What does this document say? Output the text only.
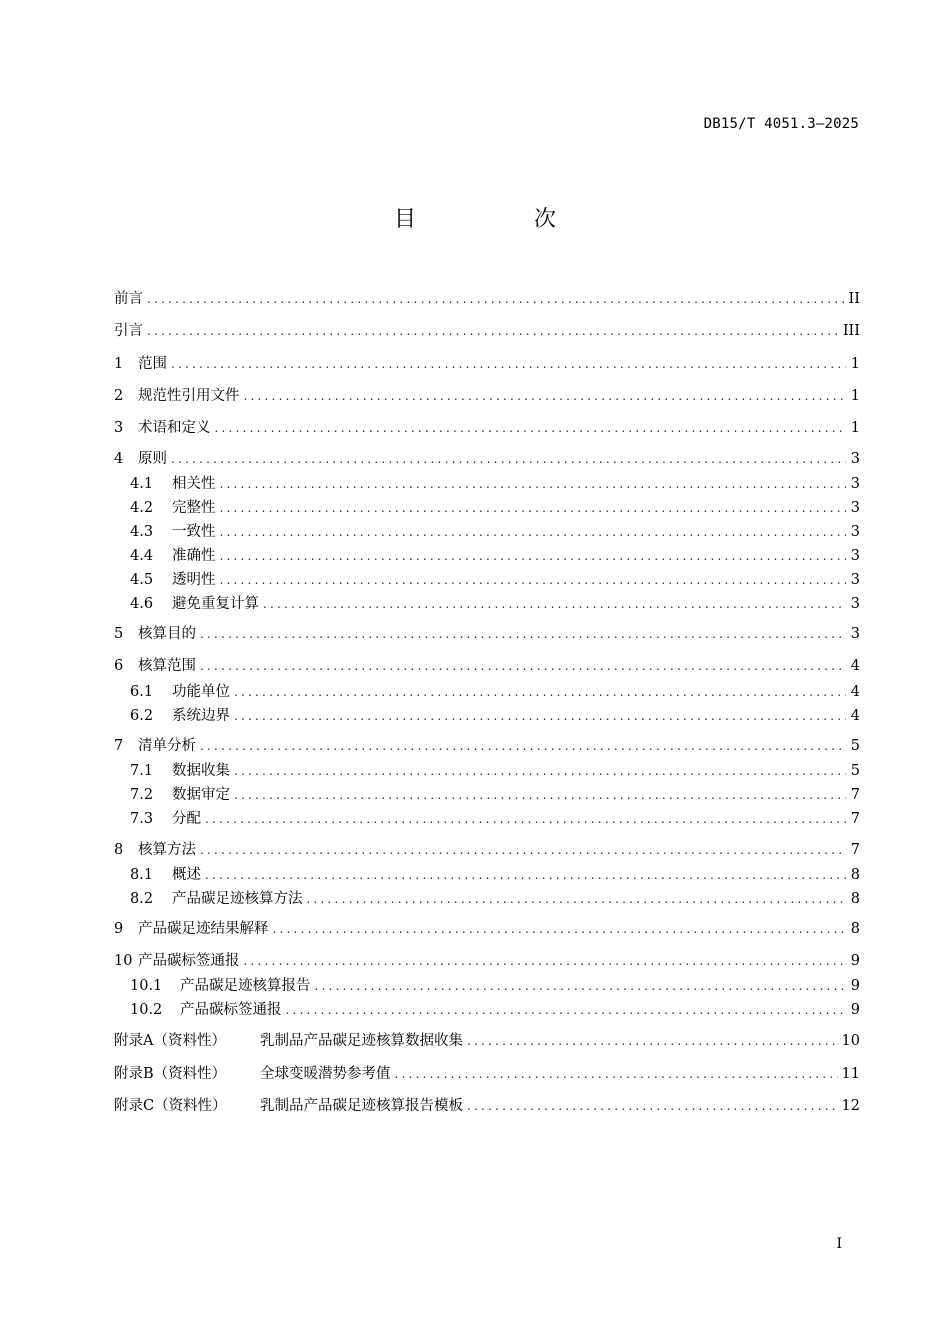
DB15/T 4051.3—2025
目　次
前言 .....	II
引言 .....	III
1	范围 .....	1
2	规范性引用文件 .....	1
3	术语和定义 .....	1
4	原则 .....	3
4.1	相关性 .....	3
4.2	完整性 .....	3
4.3	一致性 .....	3
4.4	准确性 .....	3
4.5	透明性 .....	3
4.6	避免重复计算 .....	3
5	核算目的 .....	3
6	核算范围 .....	4
6.1	功能单位 .....	4
6.2	系统边界 .....	4
7	清单分析 .....	5
7.1	数据收集 .....	5
7.2	数据审定 .....	7
7.3	分配 .....	7
8	核算方法 .....	7
8.1	概述 .....	8
8.2	产品碳足迹核算方法 .....	8
9	产品碳足迹结果解释 .....	8
10 产品碳标签通报 .....	9
10.1	产品碳足迹核算报告 .....	9
10.2	产品碳标签通报 .....	9
附录A（资料性）	乳制品产品碳足迹核算数据收集 .....	10
附录B（资料性）	全球变暖潜势参考值 .....	11
附录C（资料性）	乳制品产品碳足迹核算报告模板 .....	12
I
